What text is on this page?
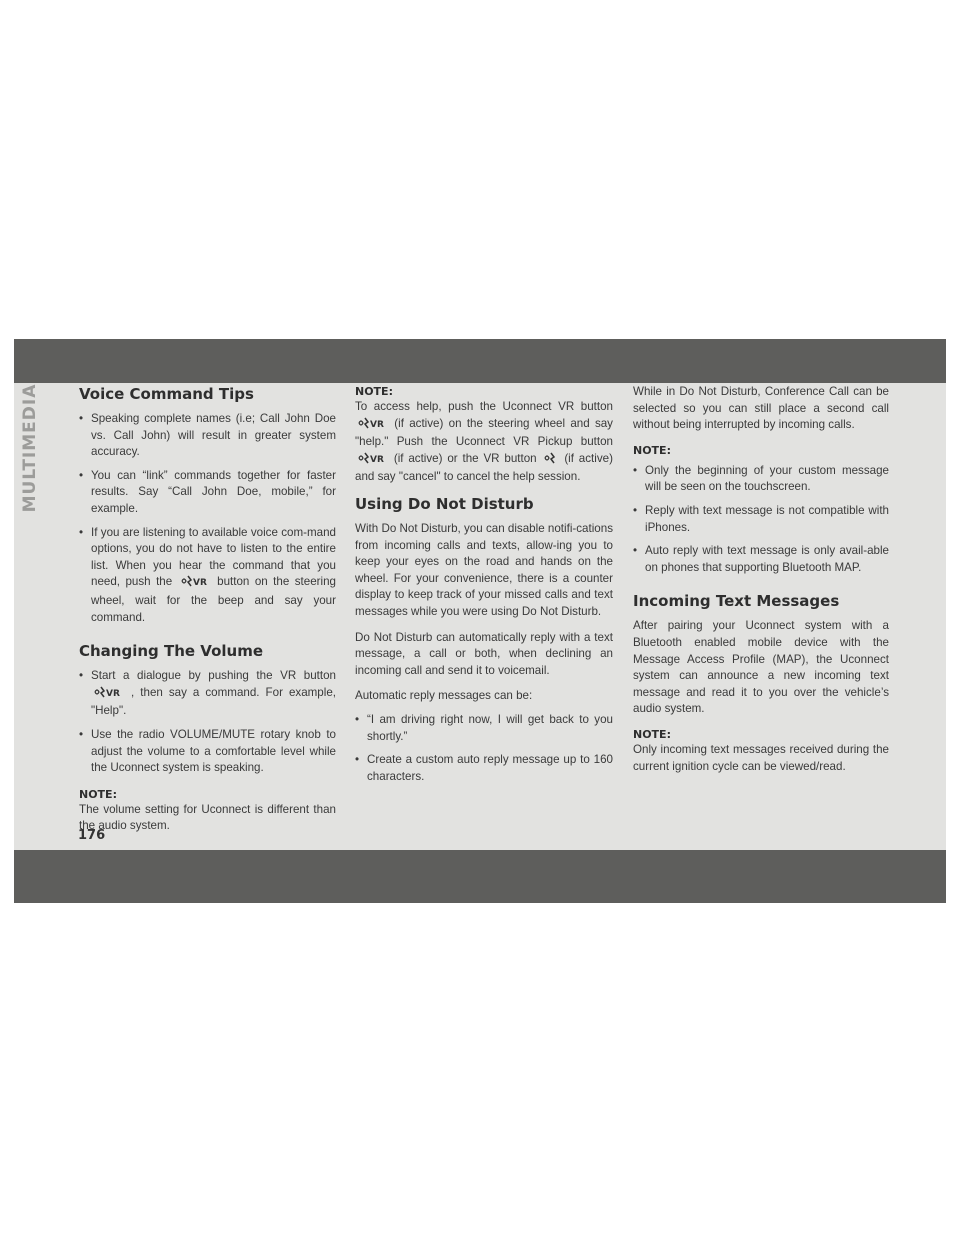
MULTIMEDIA
176
Voice Command Tips
• Speaking complete names (i.e; Call John Doe vs. Call John) will result in greater system accuracy.
• You can “link” commands together for faster results. Say “Call John Doe, mobile,” for example.
• If you are listening to available voice com-mand options, you do not have to listen to the entire list. When you hear the command that you need, push the VR button on the steering wheel, wait for the beep and say your command.
Changing The Volume
• Start a dialogue by pushing the VR button
VR , then say a command. For example, "Help".
• Use the radio VOLUME/MUTE rotary knob to adjust the volume to a comfortable level while the Uconnect system is speaking.
NOTE:

The volume setting for Uconnect is different than the audio system.

NOTE:

To access help, push the Uconnect VR button
VR (if active) on the steering wheel and say "help." Push the Uconnect VR Pickup button
VR (if active) or the VR button (if active) and say "cancel" to cancel the help session.

Using Do Not Disturb

With Do Not Disturb, you can disable notifi-cations from incoming calls and texts, allow-ing you to keep your eyes on the road and hands on the wheel. For your convenience, there is a counter display to keep track of your missed calls and text messages while you were using Do Not Disturb.

Do Not Disturb can automatically reply with a text message, a call or both, when declining an incoming call and send it to voicemail.

Automatic reply messages can be:

• “I am driving right now, I will get back to you shortly.”
• Create a custom auto reply message up to 160 characters.

While in Do Not Disturb, Conference Call can be selected so you can still place a second call without being interrupted by incoming calls.

NOTE:
• Only the beginning of your custom message will be seen on the touchscreen.
• Reply with text message is not compatible with iPhones.
• Auto reply with text message is only avail-able on phones that supporting Bluetooth MAP.
Incoming Text Messages

After pairing your Uconnect system with a Bluetooth enabled mobile device with the Message Access Profile (MAP), the Uconnect system can announce a new incoming text message and read it to you over the vehicle’s audio system.

NOTE:

Only incoming text messages received during the current ignition cycle can be viewed/read.
